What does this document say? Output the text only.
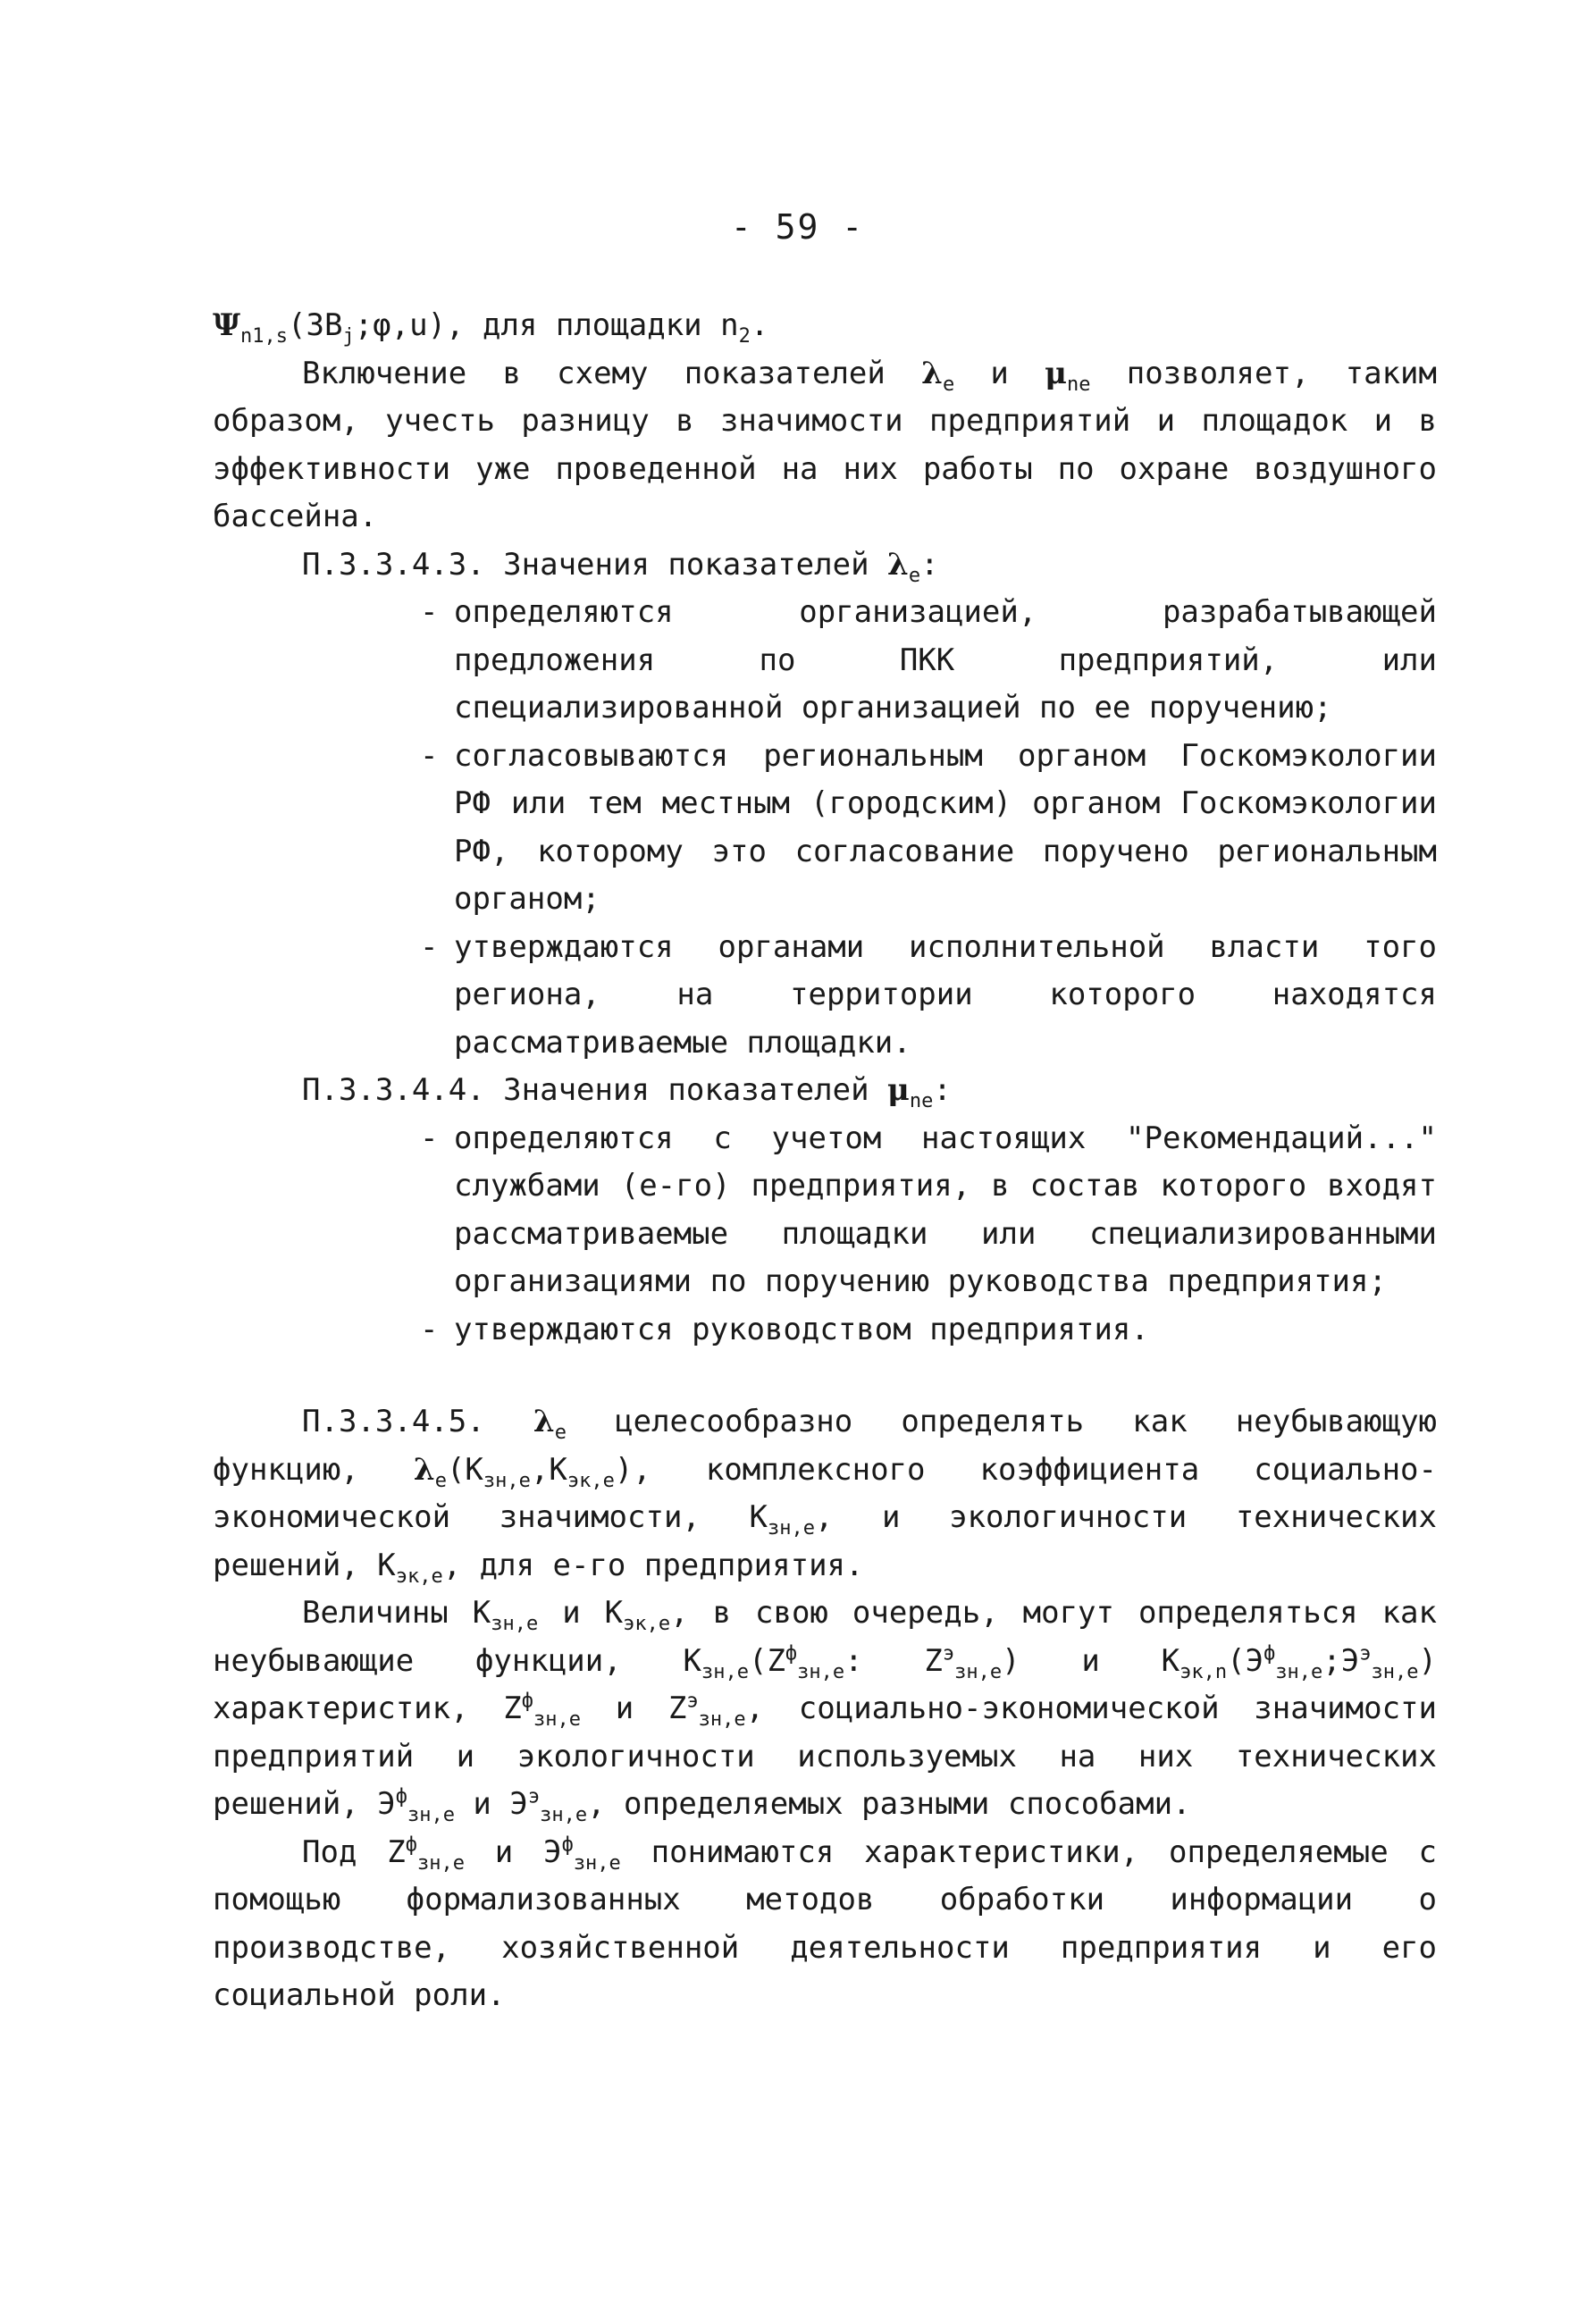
- 59 -

$\Psi_{n1,s}(ЗВ_j;\varphi,u)$, для площадки $n_2$.

Включение в схему показателей $\lambda_e$ и $\mu_{ne}$ позволяет, таким образом, учесть разницу в значимости предприятий и площадок и в эффективности уже проведенной на них работы по охране воздушного бассейна.

П.3.3.4.3. Значения показателей $\lambda_e$:

- определяются организацией, разрабатывающей предложения по ПКК предприятий, или специализированной организацией по ее поручению;
- согласовываются региональным органом Госкомэкологии РФ или тем местным (городским) органом Госкомэкологии РФ, которому это согласование поручено региональным органом;
- утверждаются органами исполнительной власти того региона, на территории которого находятся рассматриваемые площадки.

П.3.3.4.4. Значения показателей $\mu_{ne}$:

- определяются с учетом настоящих "Рекомендаций..." службами (е-го) предприятия, в состав которого входят рассматриваемые площадки или специализированными организациями по поручению руководства предприятия;
- утверждаются руководством предприятия.

П.3.3.4.5. $\lambda_e$ целесообразно определять как неубывающую функцию, $\lambda_e(K_{зн,е},K_{эк,е})$, комплексного коэффициента социально-экономической значимости, $K_{зн,е}$, и экологичности технических решений, $K_{эк,е}$, для е-го предприятия.

Величины $K_{зн,е}$ и $K_{эк,е}$, в свою очередь, могут определяться как неубывающие функции, $K_{зн,е}(Z^ф_{зн,е}$: $Z^э_{зн,е}$) и $K_{эк,n}(Э^ф_{зн,е};Э^э_{зн,е})$ характеристик, $Z^ф_{зн,е}$ и $Z^э_{зн,е}$, социально-экономической значимости предприятий и экологичности используемых на них технических решений, $Э^ф_{зн,е}$ и $Э^э_{зн,е}$, определяемых разными способами.

Под $Z^ф_{зн,е}$ и $Э^ф_{зн,е}$ понимаются характеристики, определяемые с помощью формализованных методов обработки информации о производстве, хозяйственной деятельности предприятия и его социальной роли.
